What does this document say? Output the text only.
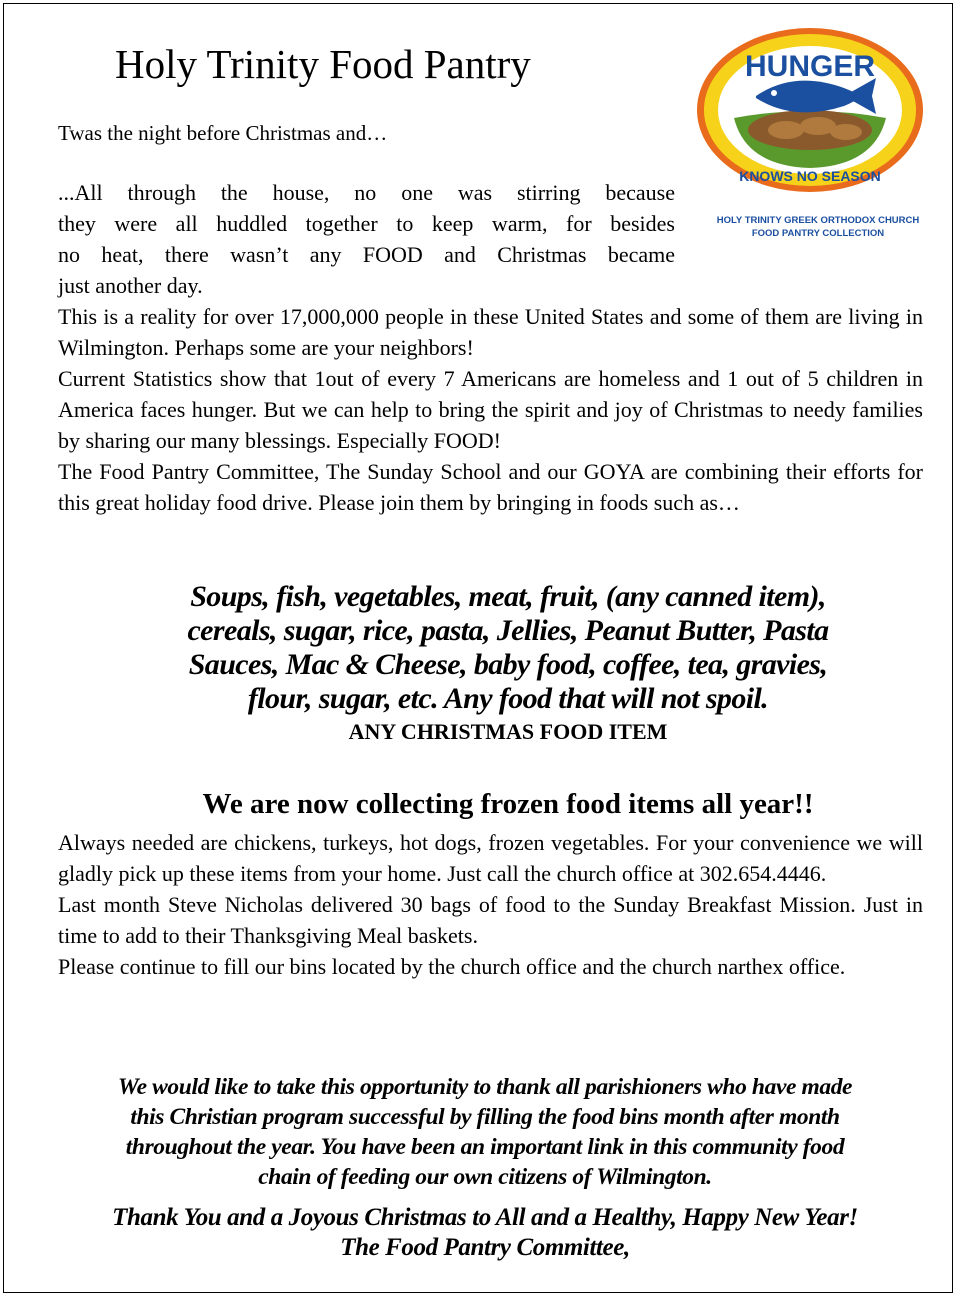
Holy Trinity Food Pantry	HUNGER
KNOWS NO SEASON
HOLY TRINITY GREEK ORTHODOX CHURCH
FOOD PANTRY COLLECTION
Twas the night before Christmas and…
...All through the house, no one was stirring because
they were all huddled together to keep warm, for besides
no heat, there wasn’t any FOOD and Christmas became
just another day.

This is a reality for over 17,000,000 people in these United States and some of them are living in Wilmington. Perhaps some are your neighbors!

Current Statistics show that 1out of every 7 Americans are homeless and 1 out of 5 children in America faces hunger. But we can help to bring the spirit and joy of Christmas to needy families by sharing our many blessings. Especially FOOD!

The Food Pantry Committee, The Sunday School and our GOYA are combining their efforts for this great holiday food drive. Please join them by bringing in foods such as…

Soups, fish, vegetables, meat, fruit, (any canned item),
cereals, sugar, rice, pasta, Jellies, Peanut Butter, Pasta
Sauces, Mac & Cheese, baby food, coffee, tea, gravies,
flour, sugar, etc. Any food that will not spoil.
ANY CHRISTMAS FOOD ITEM
We are now collecting frozen food items all year!!

Always needed are chickens, turkeys, hot dogs, frozen vegetables. For your convenience we will gladly pick up these items from your home. Just call the church office at 302.654.4446.

Last month Steve Nicholas delivered 30 bags of food to the Sunday Breakfast Mission. Just in time to add to their Thanksgiving Meal baskets.

Please continue to fill our bins located by the church office and the church narthex office.

We would like to take this opportunity to thank all parishioners who have made
this Christian program successful by filling the food bins month after month
throughout the year. You have been an important link in this community food
chain of feeding our own citizens of Wilmington.
Thank You and a Joyous Christmas to All and a Healthy, Happy New Year!
The Food Pantry Committee,
